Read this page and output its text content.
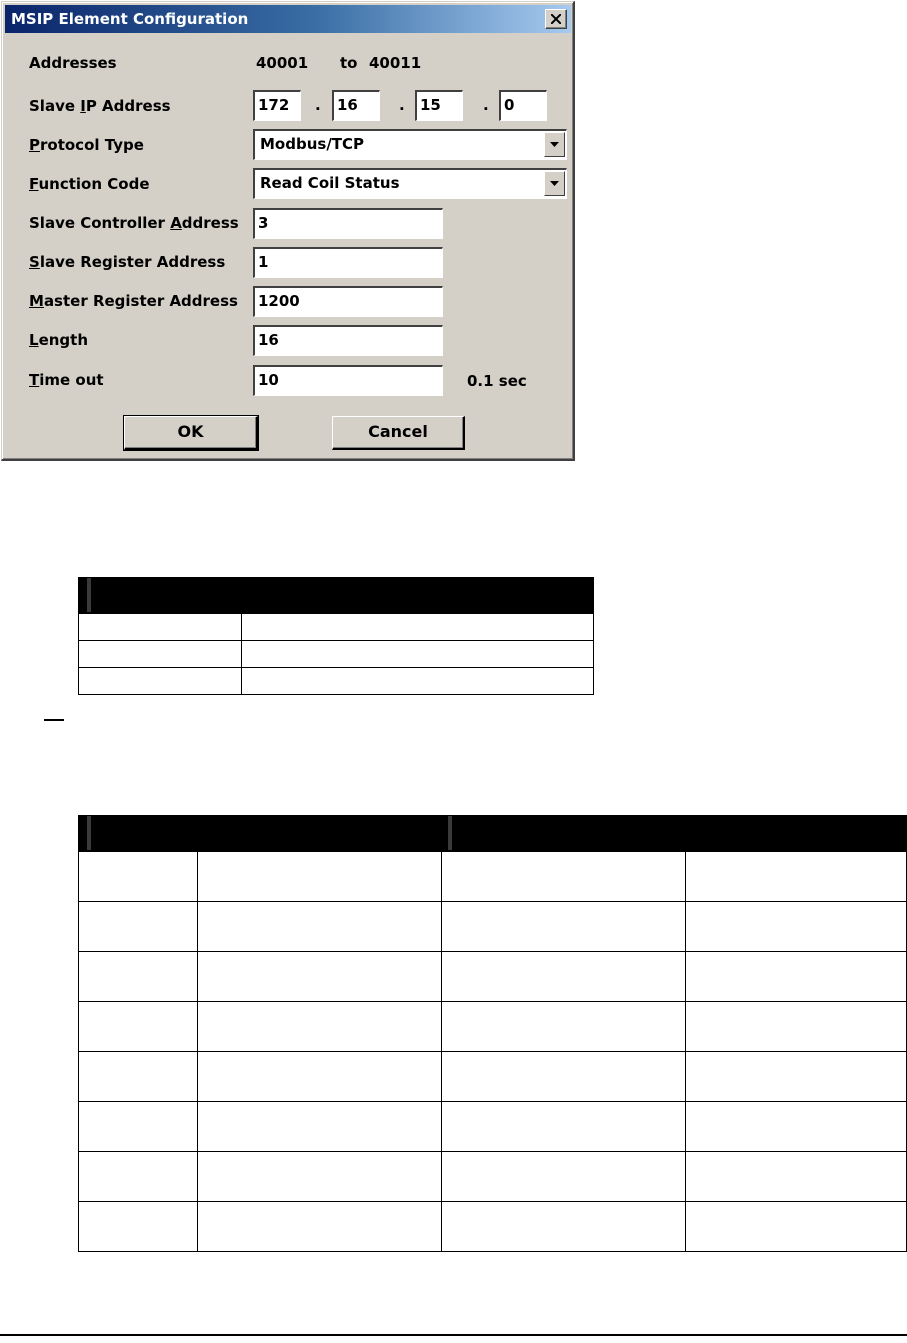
MSIP Element Configuration
Addresses	40001 to 40011
Slave IP Address	172	.	16	.	15	.	0
Protocol Type	Modbus/TCP
Function Code	Read Coil Status
Slave Controller Address	3
Slave Register Address	1
Master Register Address	1200
Length	16
Time out	10	0.1 sec
OK	Cancel
